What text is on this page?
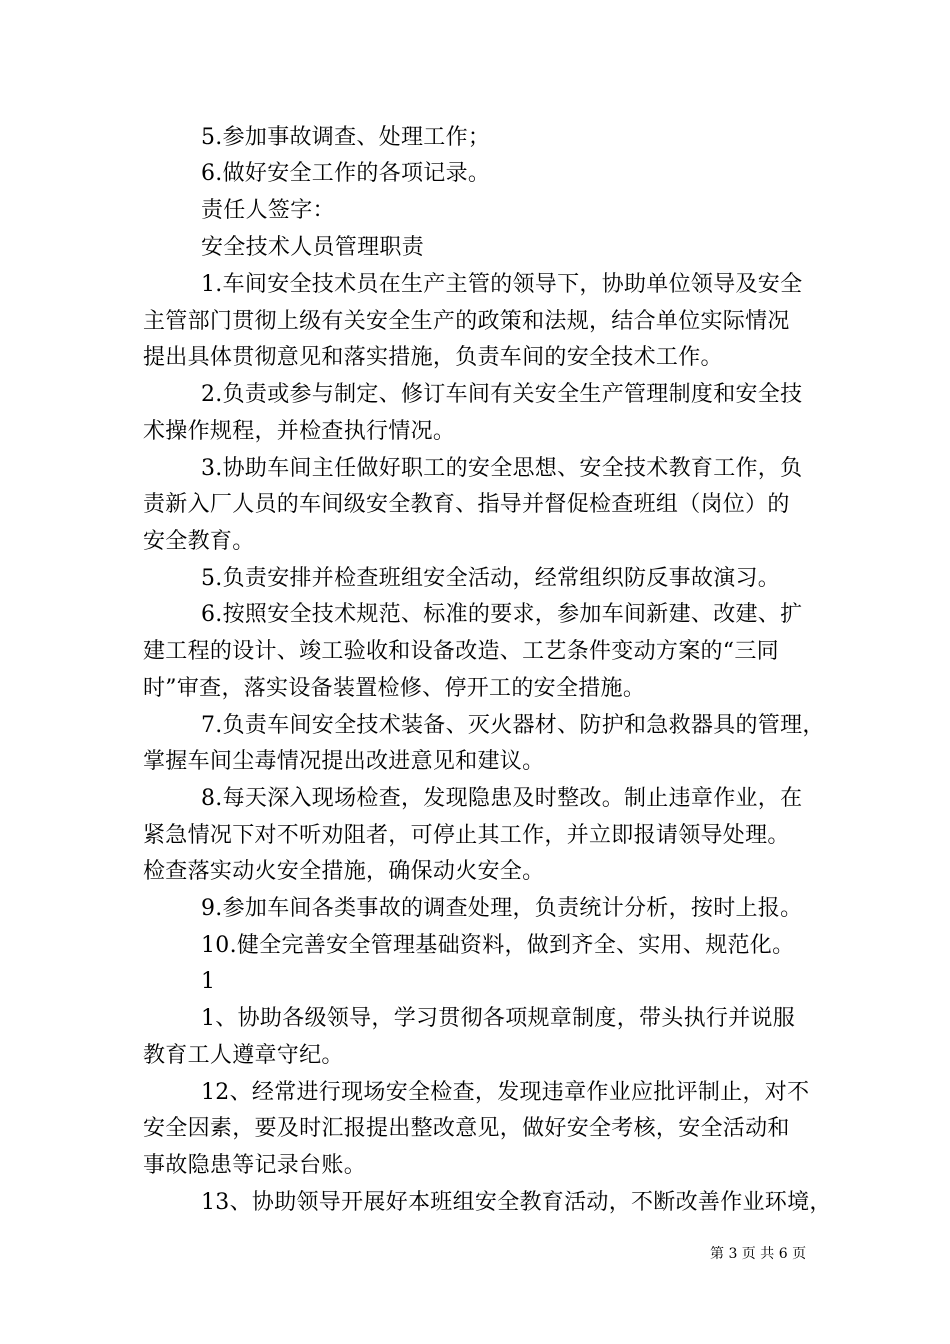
5.参加事故调查、处理工作；
6.做好安全工作的各项记录。
责任人签字：
安全技术人员管理职责
1.车间安全技术员在生产主管的领导下，协助单位领导及安全
主管部门贯彻上级有关安全生产的政策和法规，结合单位实际情况
提出具体贯彻意见和落实措施，负责车间的安全技术工作。
2.负责或参与制定、修订车间有关安全生产管理制度和安全技
术操作规程，并检查执行情况。
3.协助车间主任做好职工的安全思想、安全技术教育工作，负
责新入厂人员的车间级安全教育、指导并督促检查班组（岗位）的
安全教育。
5.负责安排并检查班组安全活动，经常组织防反事故演习。
6.按照安全技术规范、标准的要求，参加车间新建、改建、扩
建工程的设计、竣工验收和设备改造、工艺条件变动方案的“三同
时”审查，落实设备装置检修、停开工的安全措施。
7.负责车间安全技术装备、灭火器材、防护和急救器具的管理，
掌握车间尘毒情况提出改进意见和建议。
8.每天深入现场检查，发现隐患及时整改。制止违章作业，在
紧急情况下对不听劝阻者，可停止其工作，并立即报请领导处理。
检查落实动火安全措施，确保动火安全。
9.参加车间各类事故的调查处理，负责统计分析，按时上报。
10.健全完善安全管理基础资料，做到齐全、实用、规范化。
1
1、协助各级领导，学习贯彻各项规章制度，带头执行并说服
教育工人遵章守纪。
12、经常进行现场安全检查，发现违章作业应批评制止，对不
安全因素，要及时汇报提出整改意见，做好安全考核，安全活动和
事故隐患等记录台账。
13、协助领导开展好本班组安全教育活动，不断改善作业环境，
第 3 页 共 6 页
